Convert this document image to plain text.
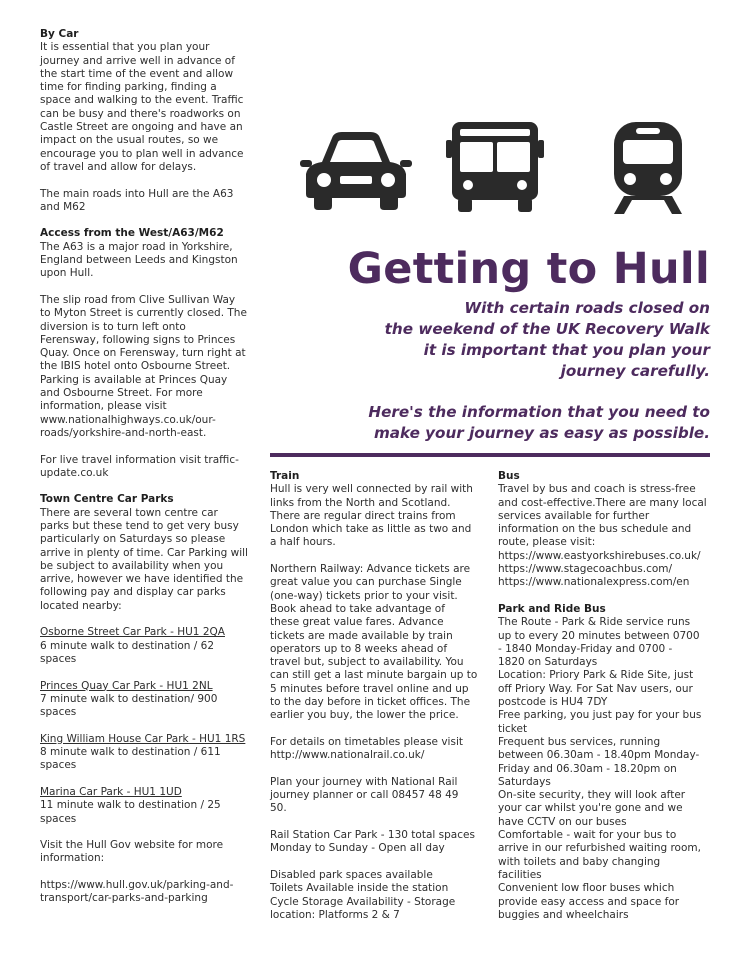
By Car
It is essential that you plan your
journey and arrive well in advance of
the start time of the event and allow
time for finding parking, finding a
space and walking to the event. Traffic
can be busy and there's roadworks on
Castle Street are ongoing and have an
impact on the usual routes, so we
encourage you to plan well in advance
of travel and allow for delays.
The main roads into Hull are the A63
and M62
Access from the West/A63/M62
The A63 is a major road in Yorkshire,
England between Leeds and Kingston
upon Hull.
The slip road from Clive Sullivan Way
to Myton Street is currently closed. The
diversion is to turn left onto
Ferensway, following signs to Princes
Quay. Once on Ferensway, turn right at
the IBIS hotel onto Osbourne Street.
Parking is available at Princes Quay
and Osbourne Street. For more
information, please visit
www.nationalhighways.co.uk/our-
roads/yorkshire-and-north-east.
For live travel information visit traffic-
update.co.uk
Town Centre Car Parks
There are several town centre car
parks but these tend to get very busy
particularly on Saturdays so please
arrive in plenty of time. Car Parking will
be subject to availability when you
arrive, however we have identified the
following pay and display car parks
located nearby:
Osborne Street Car Park - HU1 2QA
6 minute walk to destination / 62
spaces
Princes Quay Car Park - HU1 2NL
7 minute walk to destination/ 900
spaces
King William House Car Park - HU1 1RS
8 minute walk to destination / 611
spaces
Marina Car Park - HU1 1UD
11 minute walk to destination / 25
spaces
Visit the Hull Gov website for more
information:
https://www.hull.gov.uk/parking-and-
transport/car-parks-and-parking
Getting to Hull
With certain roads closed on
the weekend of the UK Recovery Walk
it is important that you plan your
journey carefully.
Here's the information that you need to
make your journey as easy as possible.
Train
Hull is very well connected by rail with
links from the North and Scotland.
There are regular direct trains from
London which take as little as two and
a half hours.
Northern Railway: Advance tickets are
great value you can purchase Single
(one-way) tickets prior to your visit.
Book ahead to take advantage of
these great value fares. Advance
tickets are made available by train
operators up to 8 weeks ahead of
travel but, subject to availability. You
can still get a last minute bargain up to
5 minutes before travel online and up
to the day before in ticket offices. The
earlier you buy, the lower the price.
For details on timetables please visit
http://www.nationalrail.co.uk/
Plan your journey with National Rail
journey planner or call 08457 48 49
50.
Rail Station Car Park - 130 total spaces
Monday to Sunday - Open all day
Disabled park spaces available
Toilets Available inside the station
Cycle Storage Availability - Storage
location: Platforms 2 & 7
Bus
Travel by bus and coach is stress-free
and cost-effective.There are many local
services available for further
information on the bus schedule and
route, please visit:
https://www.eastyorkshirebuses.co.uk/
https://www.stagecoachbus.com/
https://www.nationalexpress.com/en
Park and Ride Bus
The Route - Park & Ride service runs
up to every 20 minutes between 0700
- 1840 Monday-Friday and 0700 -
1820 on Saturdays
Location: Priory Park & Ride Site, just
off Priory Way. For Sat Nav users, our
postcode is HU4 7DY
Free parking, you just pay for your bus
ticket
Frequent bus services, running
between 06.30am - 18.40pm Monday-
Friday and 06.30am - 18.20pm on
Saturdays
On-site security, they will look after
your car whilst you're gone and we
have CCTV on our buses
Comfortable - wait for your bus to
arrive in our refurbished waiting room,
with toilets and baby changing
facilities
Convenient low floor buses which
provide easy access and space for
buggies and wheelchairs
